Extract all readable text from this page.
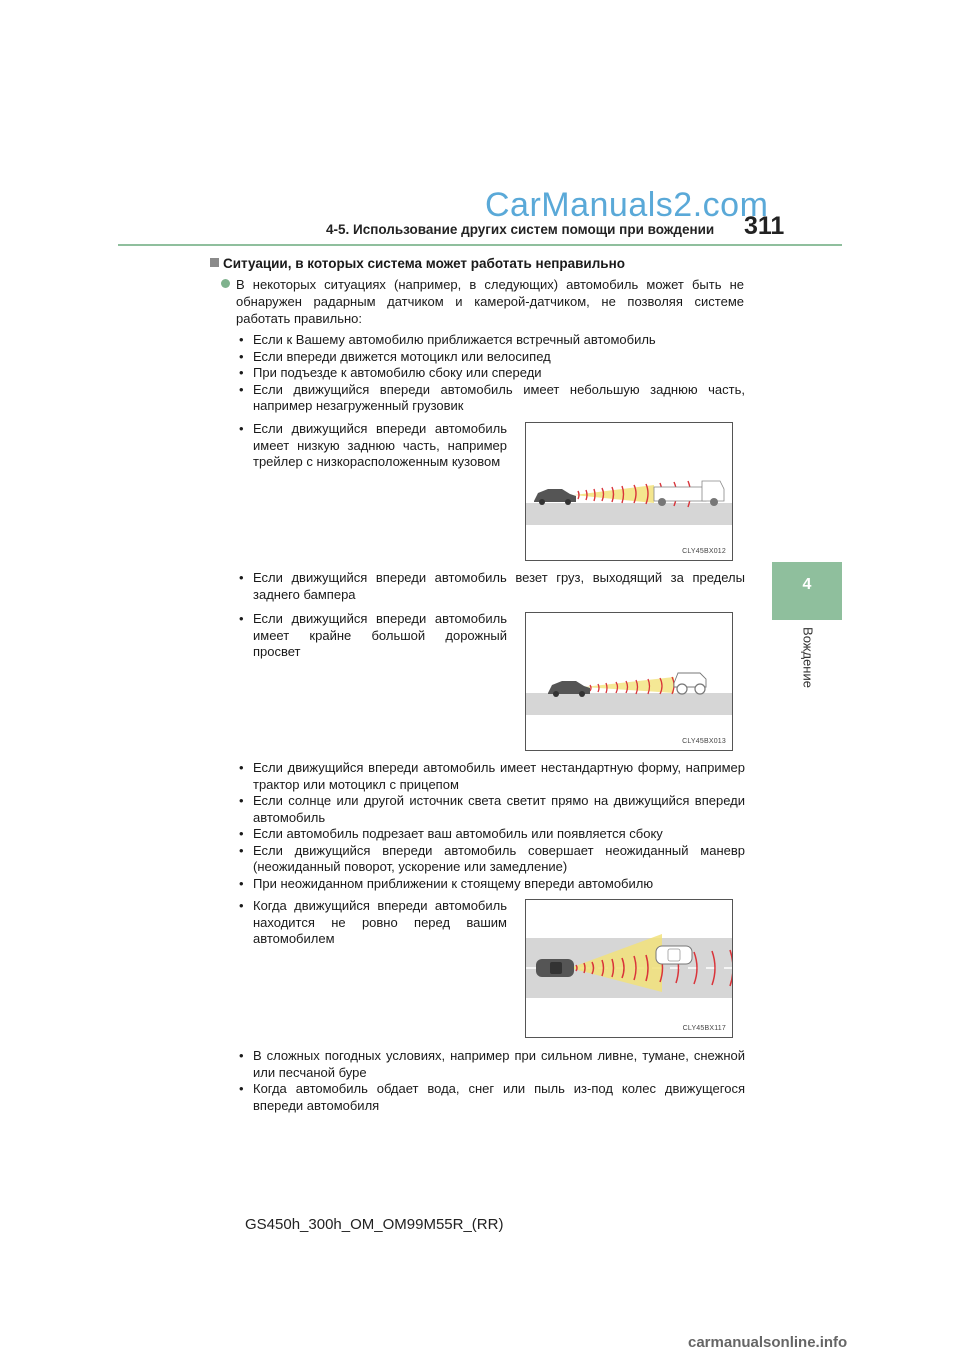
CarManuals2.com
4-5. Использование других систем помощи при вождении 311
4
Вождение
Ситуации, в которых система может работать неправильно
В некоторых ситуациях (например, в следующих) автомобиль может быть не обнаружен радарным датчиком и камерой-датчиком, не позволяя системе работать правильно:
• Если к Вашему автомобилю приближается встречный автомобиль
• Если впереди движется мотоцикл или велосипед
• При подъезде к автомобилю сбоку или спереди
• Если движущийся впереди автомобиль имеет небольшую заднюю часть, например незагруженный грузовик
• Если движущийся впереди автомобиль имеет низкую заднюю часть, например трейлер с низкорасположенным кузовом
CLY45BX012
• Если движущийся впереди автомобиль везет груз, выходящий за пределы заднего бампера
• Если движущийся впереди автомобиль имеет крайне большой дорожный просвет
CLY45BX013
• Если движущийся впереди автомобиль имеет нестандартную форму, например трактор или мотоцикл с прицепом
• Если солнце или другой источник света светит прямо на движущийся впереди автомобиль
• Если автомобиль подрезает ваш автомобиль или появляется сбоку
• Если движущийся впереди автомобиль совершает неожиданный маневр (неожиданный поворот, ускорение или замедление)
• При неожиданном приближении к стоящему впереди автомобилю
• Когда движущийся впереди автомобиль находится не ровно перед вашим автомобилем
CLY45BX117
• В сложных погодных условиях, например при сильном ливне, тумане, снежной или песчаной буре
• Когда автомобиль обдает вода, снег или пыль из-под колес движущегося впереди автомобиля
GS450h_300h_OM_OM99M55R_(RR)
carmanualsonline.info
